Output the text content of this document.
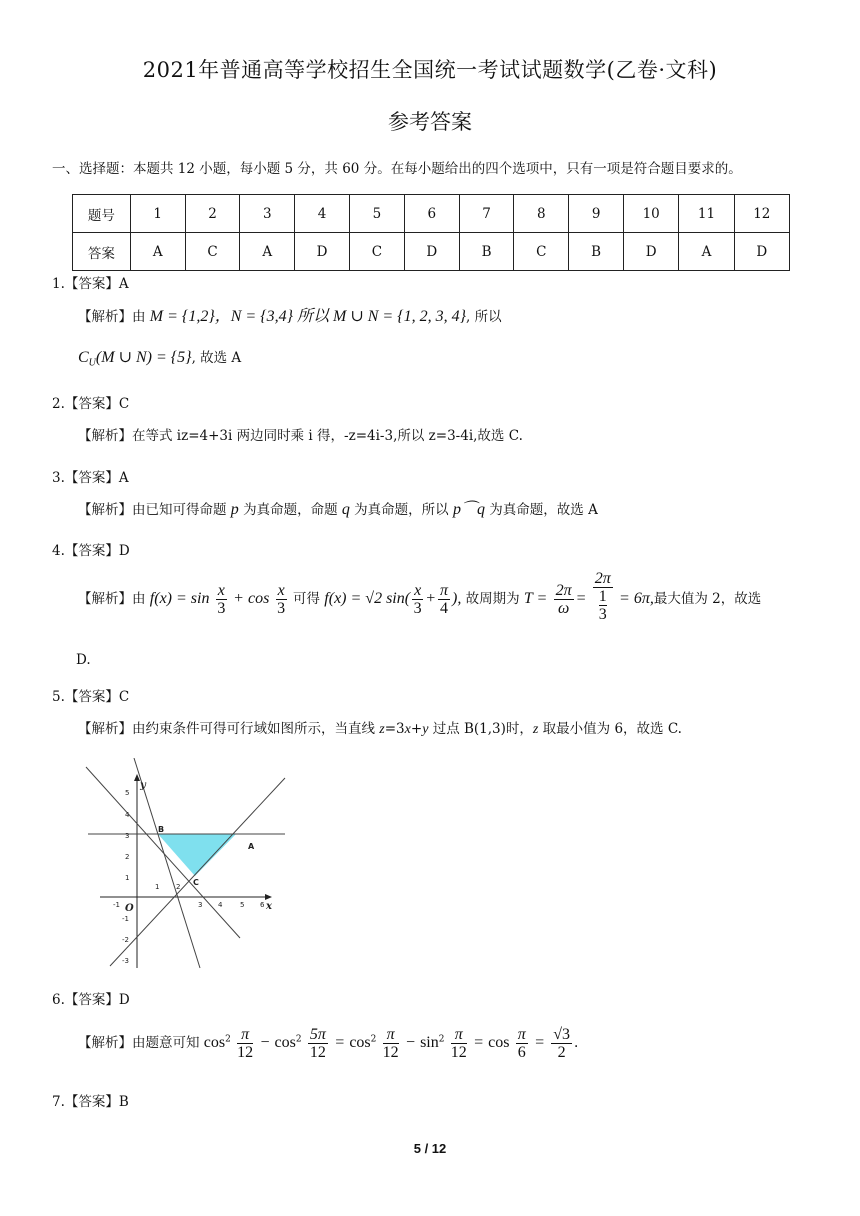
2021年普通高等学校招生全国统一考试试题数学(乙卷·文科)
参考答案
一、选择题：本题共 12 小题，每小题 5 分，共 60 分。在每小题给出的四个选项中，只有一项是符合题目要求的。
题号	1	2	3	4	5	6	7	8	9	10	11	12
答案	A	C	A	D	C	D	B	C	B	D	A	D
1.【答案】A
【解析】由 M = {1,2}，N = {3,4} 所以 M ∪ N = {1, 2, 3, 4}, 所以
$C_U(M$ ∪ N) = {5}, 故选 A
2.【答案】C
【解析】在等式 iz=4+3i 两边同时乘 i 得，-z=4i-3,所以 z=3-4i,故选 C.
3.【答案】A
【解析】由已知可得命题 p 为真命题，命题 q 为真命题，所以 p⌒q 为真命题，故选 A
4.【答案】D
【解析】由 $f(x) = \sin \frac{x}{3} + \cos \frac{x}{3}$ 可得 f(x) = √2 $\sin( \frac{x}{3} + \frac{\pi}{4}$ ), 故周期为 $T = \frac{2\pi}{\omega}$ =
2π
1
3
= 6π,最大值为 2，故选
D.
5.【答案】C
【解析】由约束条件可得可行域如图所示，当直线 z=3x+y 过点 B(1,3)时，z 取最小值为 6，故选 C.
-1
1 2
3 4	5 6
5
4
3
2
1
-1
-2
-3
B
A
C
y
x
O
6.【答案】D
【解析】由题意可知 $\cos^2 \frac{\pi}{12} - \cos^2 \frac{5\pi}{12} = \cos^2 \frac{\pi}{12} - \sin^2 \frac{\pi}{12} = \cos \frac{\pi}{6} = \frac{√3}{2}$ .
7.【答案】B
5 / 12
